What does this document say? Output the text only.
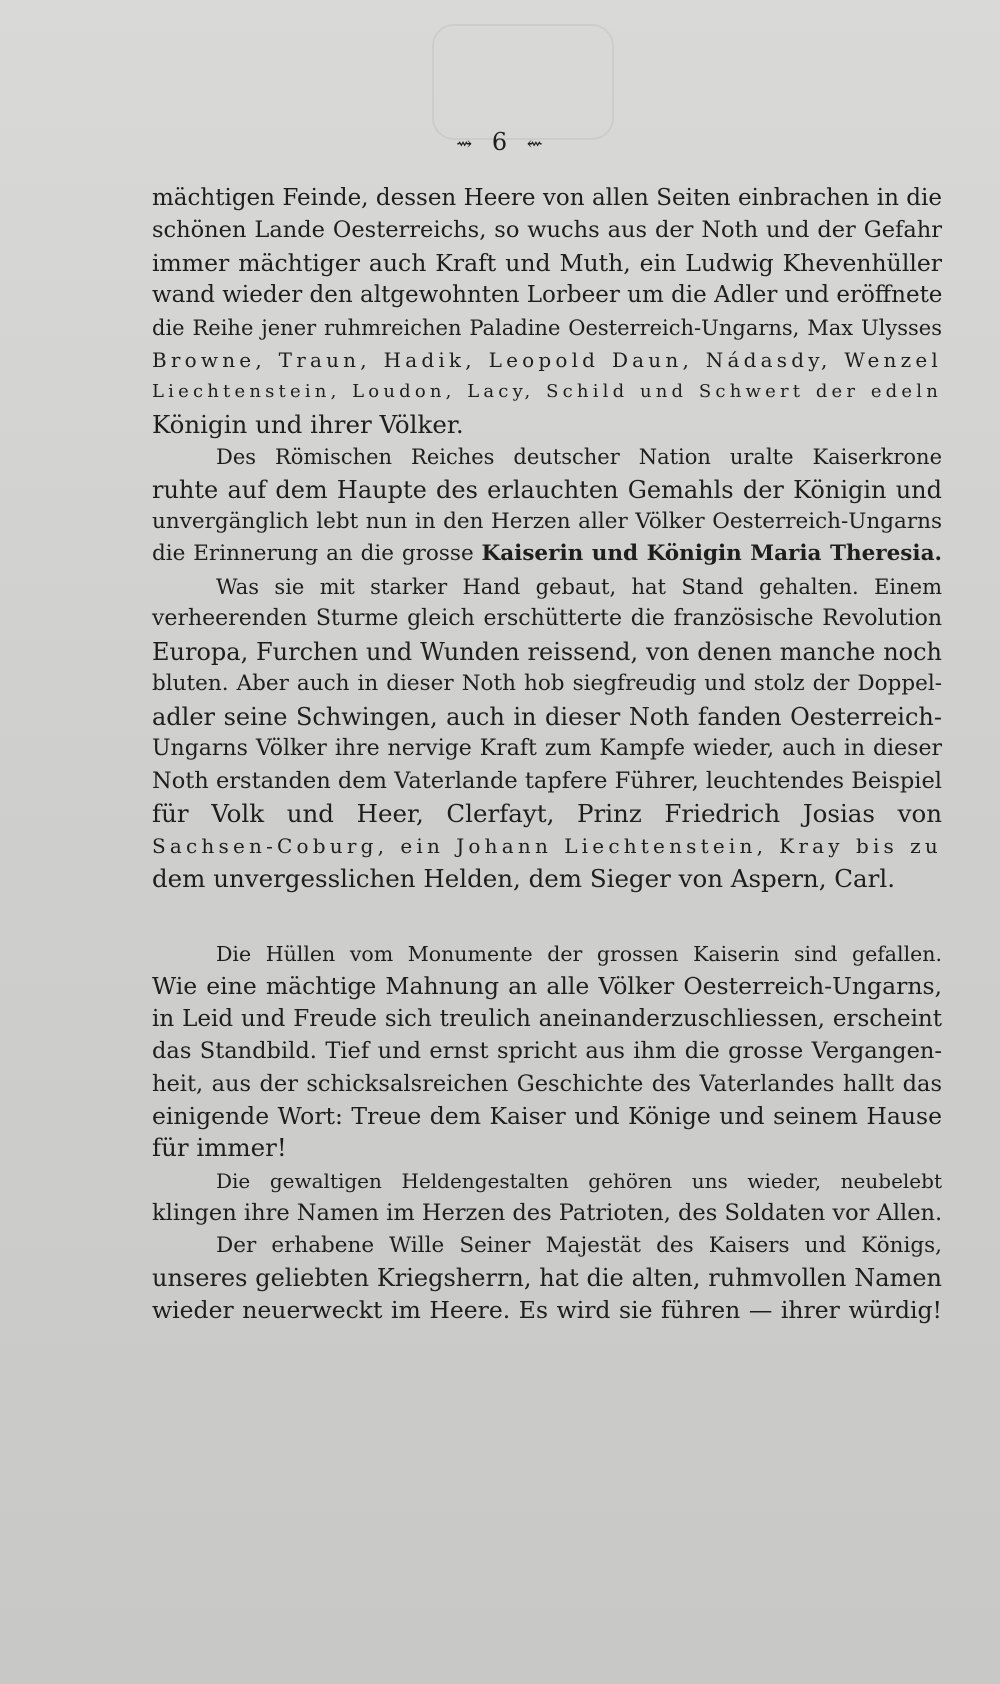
⇝ 6 ⇜
mächtigen Feinde, dessen Heere von allen Seiten einbrachen in die
schönen Lande Oesterreichs, so wuchs aus der Noth und der Gefahr
immer mächtiger auch Kraft und Muth, ein Ludwig Khevenhüller
wand wieder den altgewohnten Lorbeer um die Adler und eröffnete
die Reihe jener ruhmreichen Paladine Oesterreich-Ungarns, Max Ulysses
Browne, Traun, Hadik, Leopold Daun, Nádasdy, Wenzel
Liechtenstein, Loudon, Lacy, Schild und Schwert der edeln
Königin und ihrer Völker.
Des Römischen Reiches deutscher Nation uralte Kaiserkrone
ruhte auf dem Haupte des erlauchten Gemahls der Königin und
unvergänglich lebt nun in den Herzen aller Völker Oesterreich-Ungarns
die Erinnerung an die grosse Kaiserin und Königin Maria Theresia.
Was sie mit starker Hand gebaut, hat Stand gehalten. Einem
verheerenden Sturme gleich erschütterte die französische Revolution
Europa, Furchen und Wunden reissend, von denen manche noch
bluten. Aber auch in dieser Noth hob siegfreudig und stolz der Doppel-
adler seine Schwingen, auch in dieser Noth fanden Oesterreich-
Ungarns Völker ihre nervige Kraft zum Kampfe wieder, auch in dieser
Noth erstanden dem Vaterlande tapfere Führer, leuchtendes Beispiel
für Volk und Heer, Clerfayt, Prinz Friedrich Josias von
Sachsen-Coburg, ein Johann Liechtenstein, Kray bis zu
dem unvergesslichen Helden, dem Sieger von Aspern, Carl.
Die Hüllen vom Monumente der grossen Kaiserin sind gefallen.
Wie eine mächtige Mahnung an alle Völker Oesterreich-Ungarns,
in Leid und Freude sich treulich aneinanderzuschliessen, erscheint
das Standbild. Tief und ernst spricht aus ihm die grosse Vergangen-
heit, aus der schicksalsreichen Geschichte des Vaterlandes hallt das
einigende Wort: Treue dem Kaiser und Könige und seinem Hause
für immer!
Die gewaltigen Heldengestalten gehören uns wieder, neubelebt
klingen ihre Namen im Herzen des Patrioten, des Soldaten vor Allen.
Der erhabene Wille Seiner Majestät des Kaisers und Königs,
unseres geliebten Kriegsherrn, hat die alten, ruhmvollen Namen
wieder neuerweckt im Heere. Es wird sie führen — ihrer würdig!
